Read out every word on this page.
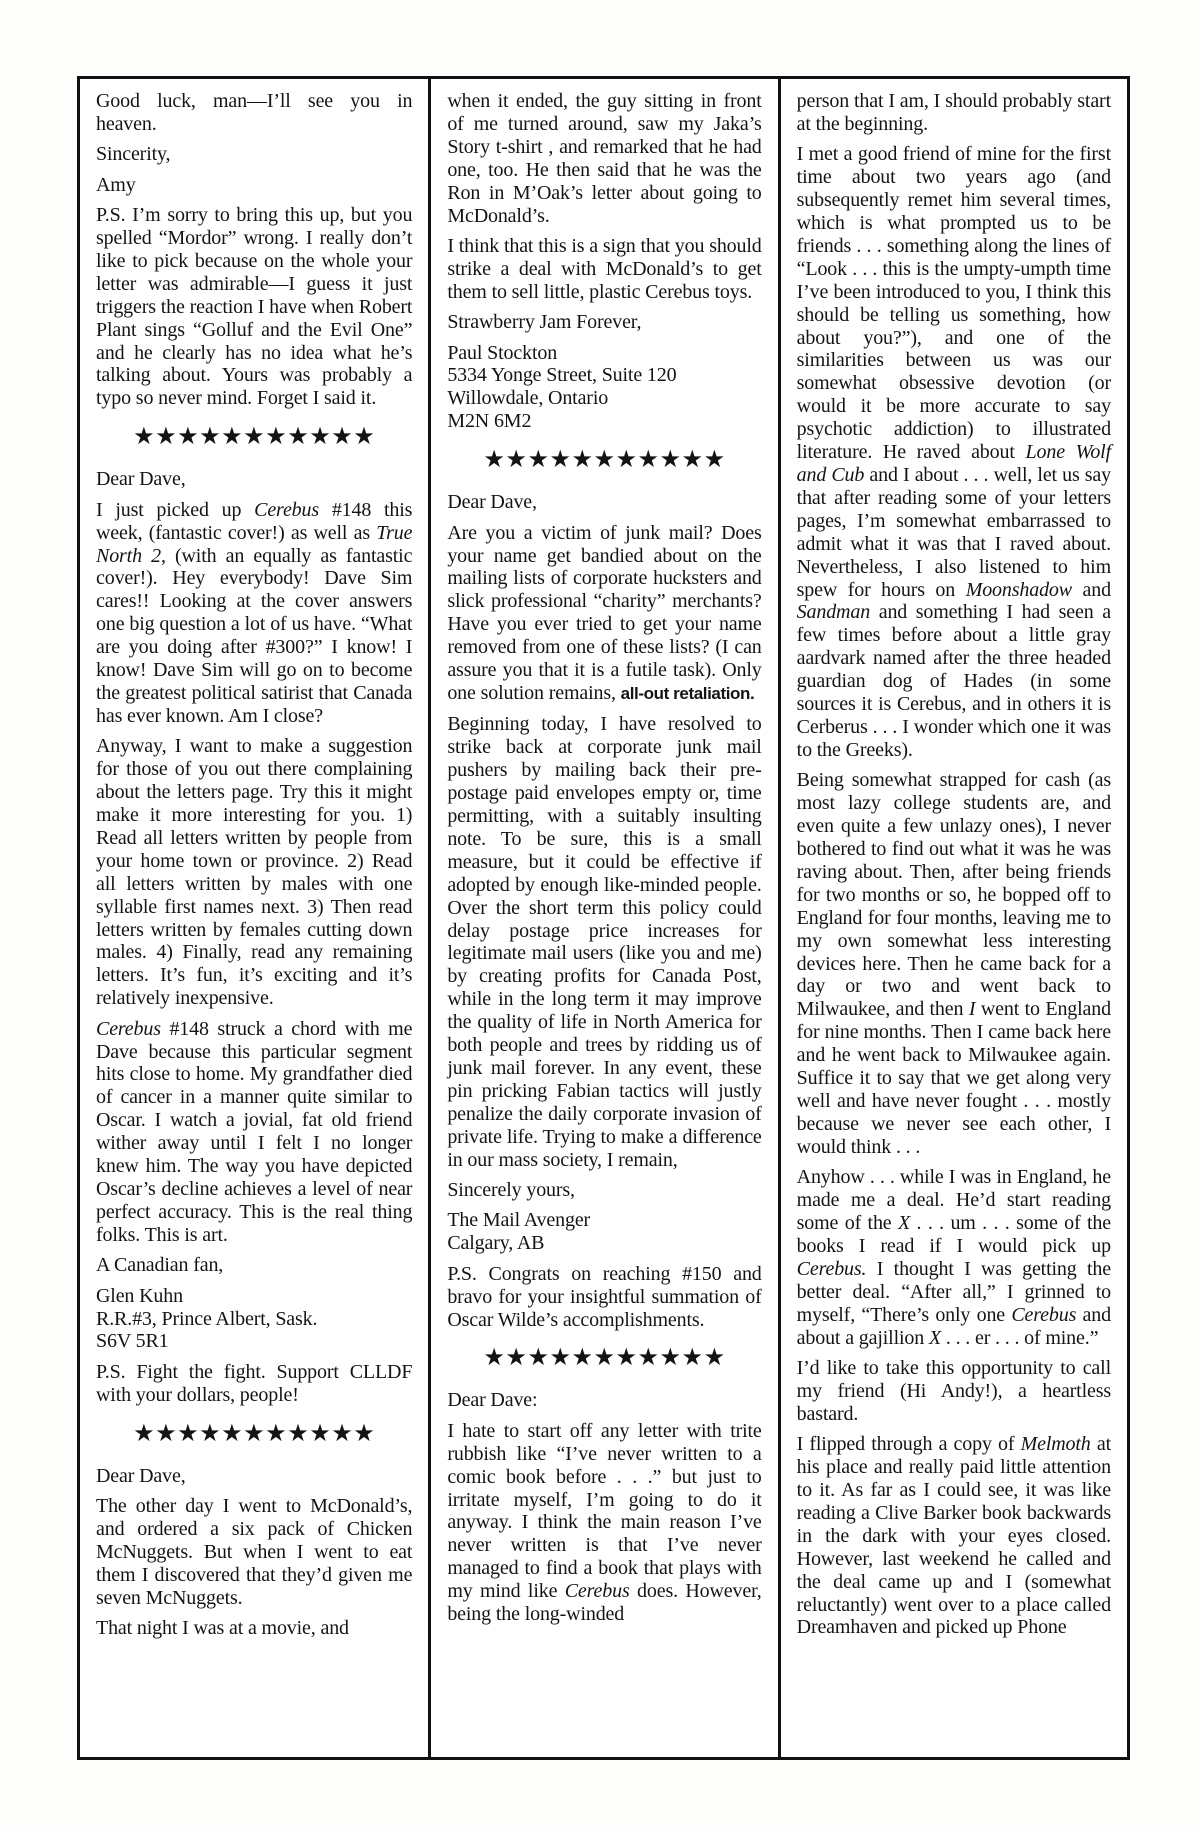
Good luck, man—I’ll see you in heaven.

Sincerity,

Amy

P.S. I’m sorry to bring this up, but you spelled “Mordor” wrong. I really don’t like to pick because on the whole your letter was admirable—I guess it just triggers the reaction I have when Robert Plant sings “Golluf and the Evil One” and he clearly has no idea what he’s talking about. Yours was probably a typo so never mind. Forget I said it.

★★★★★★★★★★★

Dear Dave,

I just picked up Cerebus #148 this week, (fantastic cover!) as well as True North 2, (with an equally as fantastic cover!). Hey everybody! Dave Sim cares!! Looking at the cover answers one big question a lot of us have. “What are you doing after #300?” I know! I know! Dave Sim will go on to become the greatest political satirist that Canada has ever known. Am I close?

Anyway, I want to make a suggestion for those of you out there complaining about the letters page. Try this it might make it more interesting for you. 1) Read all letters written by people from your home town or province. 2) Read all letters written by males with one syllable first names next. 3) Then read letters written by females cutting down males. 4) Finally, read any remaining letters. It’s fun, it’s exciting and it’s relatively inexpensive.

Cerebus #148 struck a chord with me Dave because this particular segment hits close to home. My grandfather died of cancer in a manner quite similar to Oscar. I watch a jovial, fat old friend wither away until I felt I no longer knew him. The way you have depicted Oscar’s decline achieves a level of near perfect accuracy. This is the real thing folks. This is art.

A Canadian fan,

Glen Kuhn
R.R.#3, Prince Albert, Sask.
S6V 5R1

P.S. Fight the fight. Support CLLDF with your dollars, people!

★★★★★★★★★★★

Dear Dave,

The other day I went to McDonald’s, and ordered a six pack of Chicken McNuggets. But when I went to eat them I discovered that they’d given me seven McNuggets.

That night I was at a movie, and

when it ended, the guy sitting in front of me turned around, saw my Jaka’s Story t-shirt , and remarked that he had one, too. He then said that he was the Ron in M’Oak’s letter about going to McDonald’s.

I think that this is a sign that you should strike a deal with McDonald’s to get them to sell little, plastic Cerebus toys.

Strawberry Jam Forever,

Paul Stockton
5334 Yonge Street, Suite 120
Willowdale, Ontario
M2N 6M2

★★★★★★★★★★★

Dear Dave,

Are you a victim of junk mail? Does your name get bandied about on the mailing lists of corporate hucksters and slick professional “charity” merchants? Have you ever tried to get your name removed from one of these lists? (I can assure you that it is a futile task). Only one solution remains, all-out retaliation.

Beginning today, I have resolved to strike back at corporate junk mail pushers by mailing back their pre-postage paid envelopes empty or, time permitting, with a suitably insulting note. To be sure, this is a small measure, but it could be effective if adopted by enough like-minded people. Over the short term this policy could delay postage price increases for legitimate mail users (like you and me) by creating profits for Canada Post, while in the long term it may improve the quality of life in North America for both people and trees by ridding us of junk mail forever. In any event, these pin pricking Fabian tactics will justly penalize the daily corporate invasion of private life. Trying to make a difference in our mass society, I remain,

Sincerely yours,

The Mail Avenger
Calgary, AB

P.S. Congrats on reaching #150 and bravo for your insightful summation of Oscar Wilde’s accomplishments.

★★★★★★★★★★★

Dear Dave:

I hate to start off any letter with trite rubbish like “I’ve never written to a comic book before . . .” but just to irritate myself, I’m going to do it anyway. I think the main reason I’ve never written is that I’ve never managed to find a book that plays with my mind like Cerebus does. However, being the long-winded

person that I am, I should probably start at the beginning.

I met a good friend of mine for the first time about two years ago (and subsequently remet him several times, which is what prompted us to be friends . . . something along the lines of “Look . . . this is the umpty-umpth time I’ve been introduced to you, I think this should be telling us something, how about you?”), and one of the similarities between us was our somewhat obsessive devotion (or would it be more accurate to say psychotic addiction) to illustrated literature. He raved about Lone Wolf and Cub and I about . . . well, let us say that after reading some of your letters pages, I’m somewhat embarrassed to admit what it was that I raved about. Nevertheless, I also listened to him spew for hours on Moonshadow and Sandman and something I had seen a few times before about a little gray aardvark named after the three headed guardian dog of Hades (in some sources it is Cerebus, and in others it is Cerberus . . . I wonder which one it was to the Greeks).

Being somewhat strapped for cash (as most lazy college students are, and even quite a few unlazy ones), I never bothered to find out what it was he was raving about. Then, after being friends for two months or so, he bopped off to England for four months, leaving me to my own somewhat less interesting devices here. Then he came back for a day or two and went back to Milwaukee, and then I went to England for nine months. Then I came back here and he went back to Milwaukee again. Suffice it to say that we get along very well and have never fought . . . mostly because we never see each other, I would think . . .

Anyhow . . . while I was in England, he made me a deal. He’d start reading some of the X . . . um . . . some of the books I read if I would pick up Cerebus. I thought I was getting the better deal. “After all,” I grinned to myself, “There’s only one Cerebus and about a gajillion X . . . er . . . of mine.”

I’d like to take this opportunity to call my friend (Hi Andy!), a heartless bastard.

I flipped through a copy of Melmoth at his place and really paid little attention to it. As far as I could see, it was like reading a Clive Barker book backwards in the dark with your eyes closed. However, last weekend he called and the deal came up and I (somewhat reluctantly) went over to a place called Dreamhaven and picked up Phone
